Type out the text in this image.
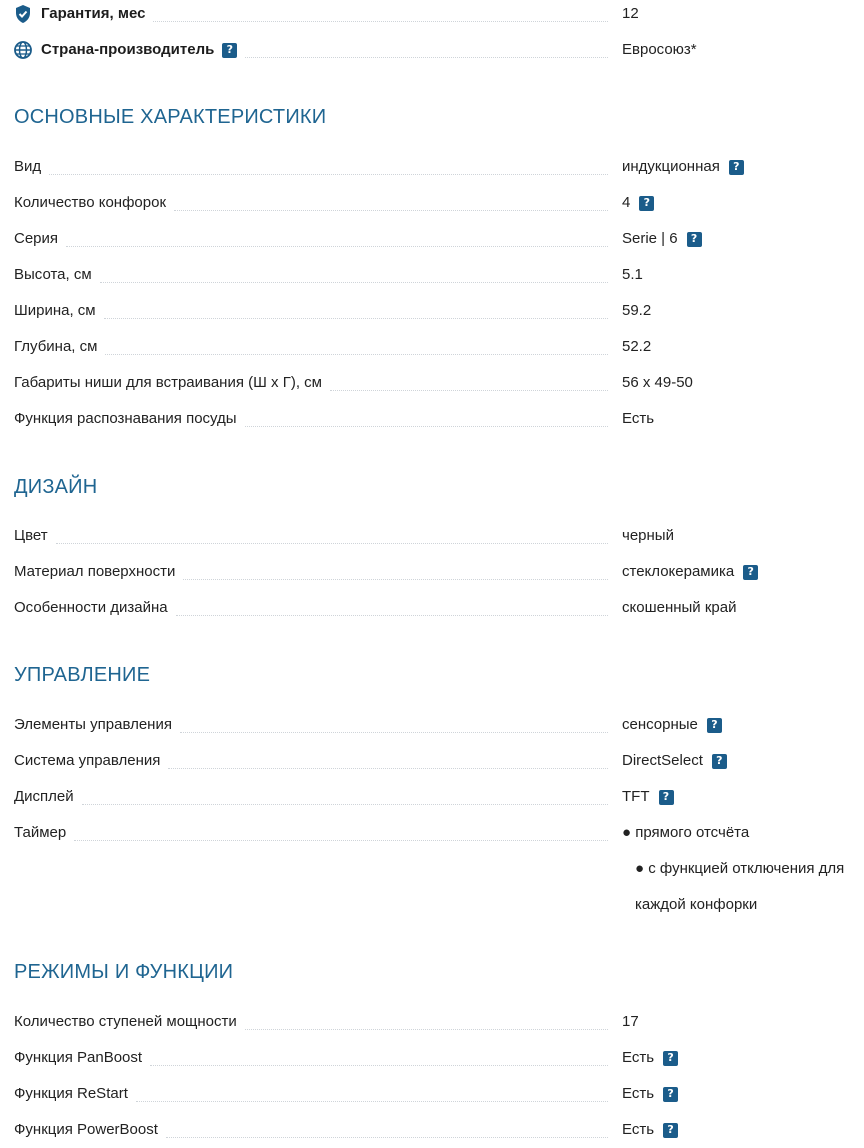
Гарантия, мес	12
Страна-производитель	?	Евросоюз*
ОСНОВНЫЕ ХАРАКТЕРИСТИКИ
Вид	индукционная	?
Количество конфорок	4	?
Серия	Serie | 6	?
Высота, см	5.1
Ширина, см	59.2
Глубина, см	52.2
Габариты ниши для встраивания (Ш x Г), см	56 x 49-50
Функция распознавания посуды	Есть
ДИЗАЙН
Цвет	черный
Материал поверхности	стеклокерамика	?
Особенности дизайна	скошенный край
УПРАВЛЕНИЕ
Элементы управления	сенсорные	?
Система управления	DirectSelect	?
Дисплей	TFT	?
Таймер	● прямого отсчёта
● с функцией отключения для
каждой конфорки
РЕЖИМЫ И ФУНКЦИИ
Количество ступеней мощности	17
Функция PanBoost	Есть	?
Функция ReStart	Есть	?
Функция PowerBoost	Есть	?
